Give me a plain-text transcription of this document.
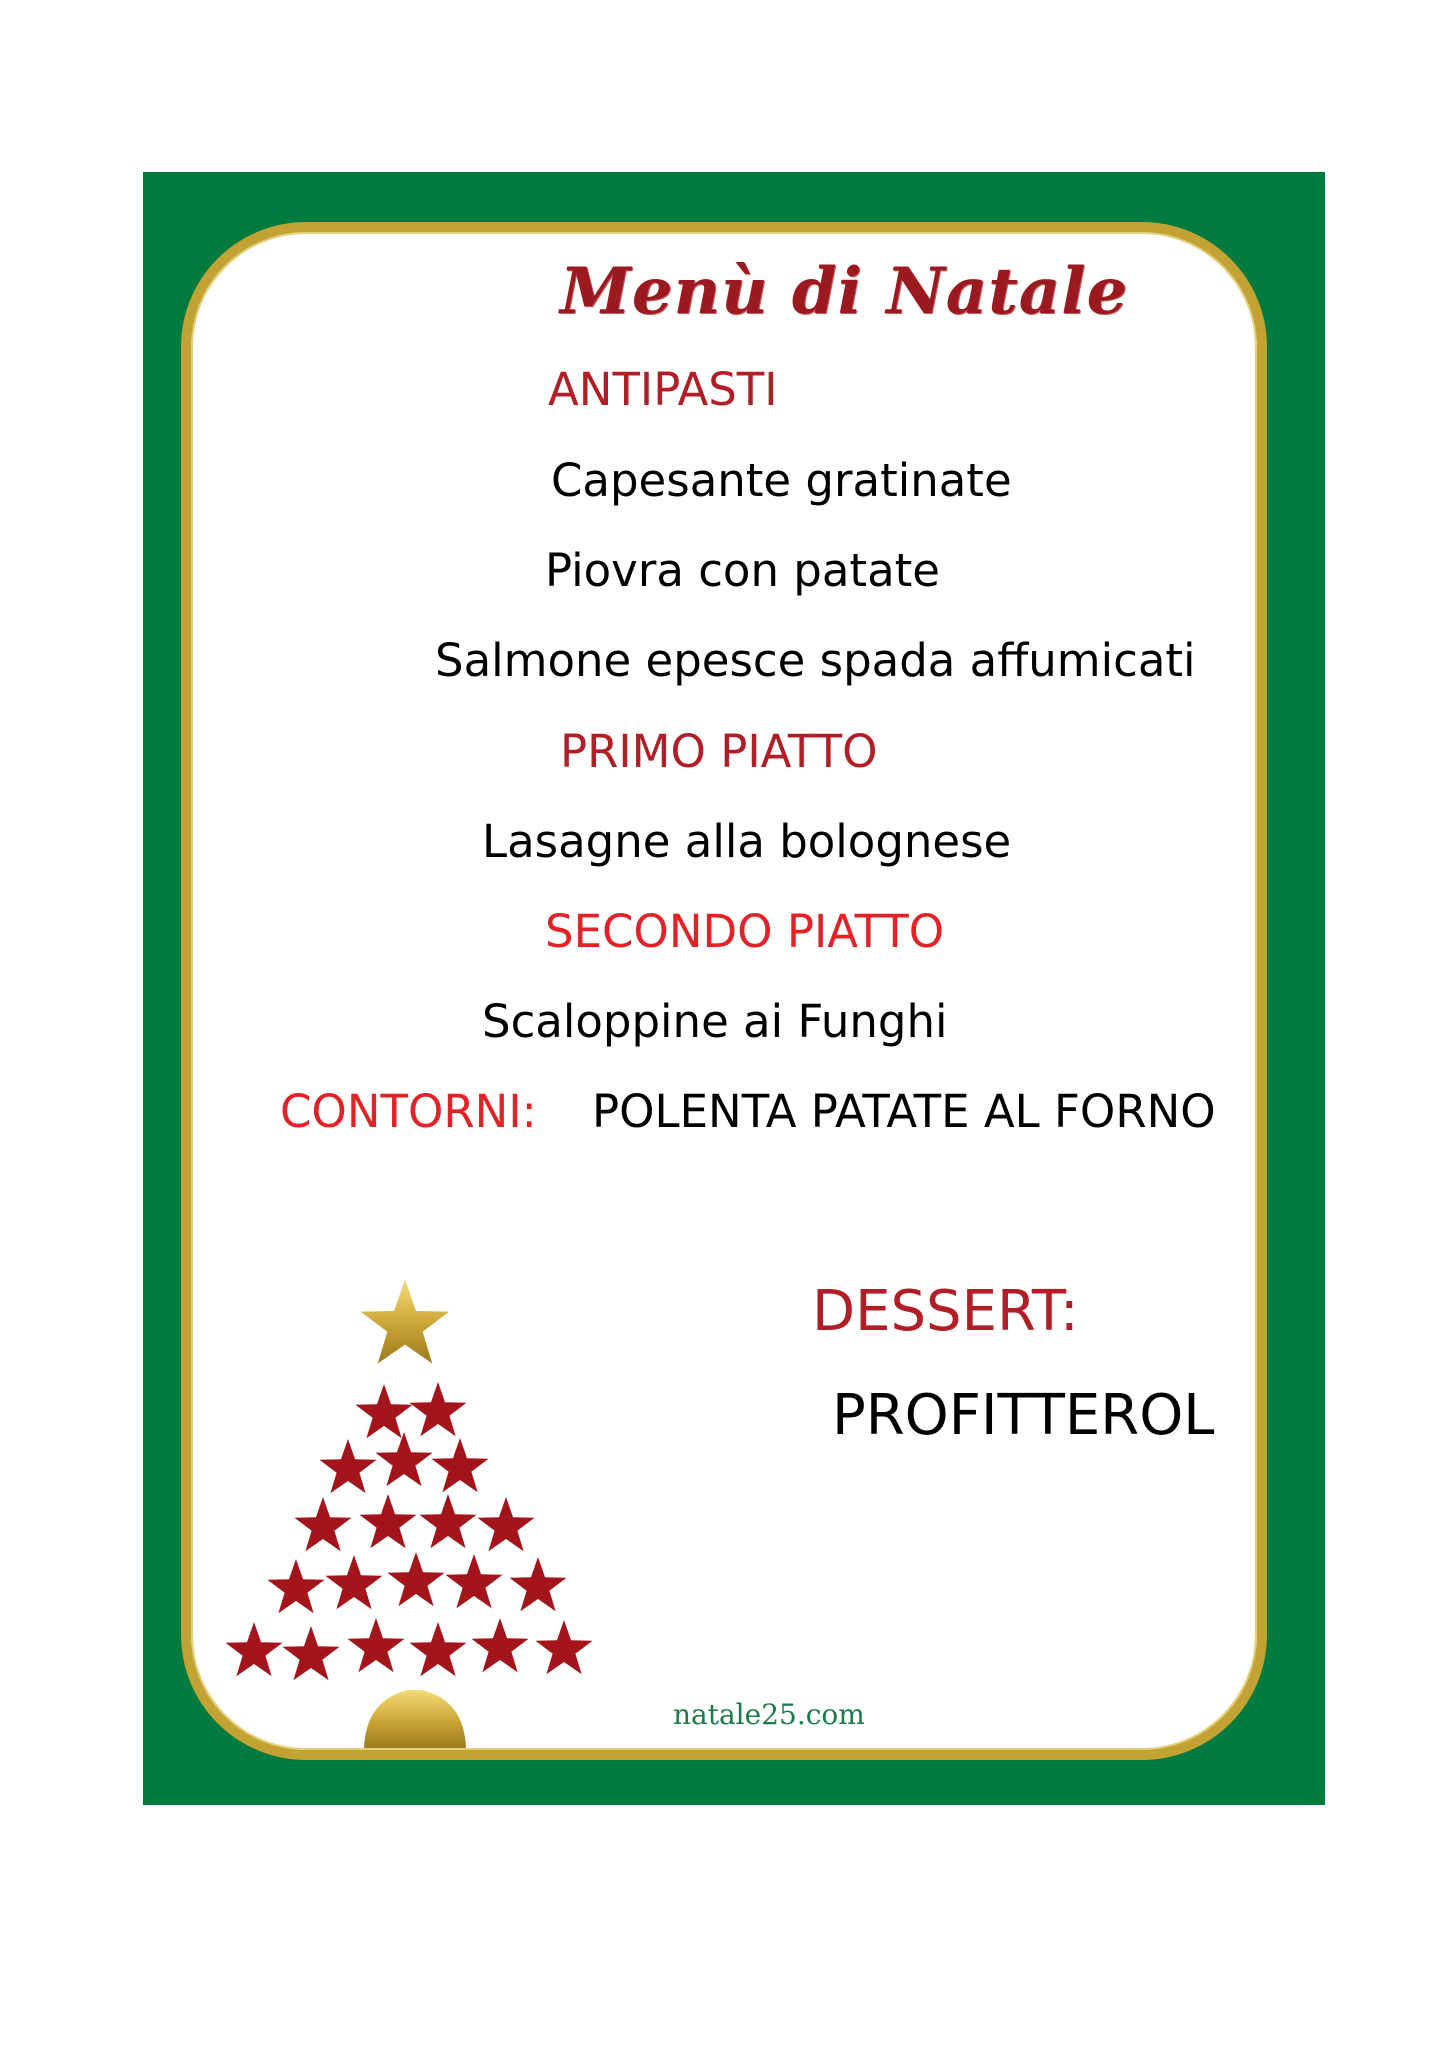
Menù di Natale
ANTIPASTI
Capesante gratinate
Piovra con patate
Salmone epesce spada affumicati
PRIMO PIATTO
Lasagne alla bolognese
SECONDO PIATTO
Scaloppine ai Funghi
CONTORNI: POLENTA PATATE AL FORNO
DESSERT:
PROFITTEROL
natale25.com
